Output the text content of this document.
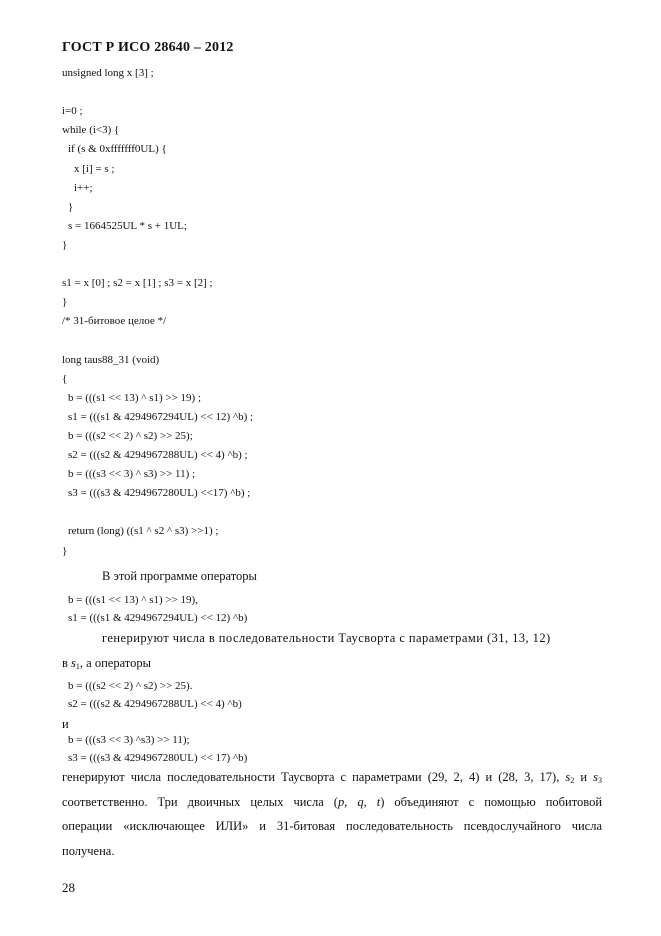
ГОСТ Р ИСО 28640 – 2012
unsigned long x [3] ;
i=0 ;
while (i<3) {
if (s & 0xfffffff0UL) {
x [i] = s ;
i++;
}
s = 1664525UL * s + 1UL;
}
s1 = x [0] ; s2 = x [1] ; s3 = x [2] ;
}
/* 31-битовое целое */
long taus88_31 (void)
{
b = (((s1 << 13) ^ s1) >> 19) ;
s1 = (((s1 & 4294967294UL) << 12) ^b) ;
b = (((s2 << 2) ^ s2) >> 25);
s2 = (((s2 & 4294967288UL) << 4) ^b) ;
b = (((s3 << 3) ^ s3) >> 11) ;
s3 = (((s3 & 4294967280UL) <<17) ^b) ;
return (long) ((s1 ^ s2 ^ s3) >>1) ;
}
В этой программе операторы
b = (((s1 << 13) ^ s1) >> 19),
s1 = (((s1 & 4294967294UL) << 12) ^b)
генерируют числа в последовательности Таусворта с параметрами (31, 13, 12)
в $s_1$, а операторы
b = (((s2 << 2) ^ s2) >> 25).
s2 = (((s2 & 4294967288UL) << 4) ^b)
и
b = (((s3 << 3) ^s3) >> 11);
s3 = (((s3 & 4294967280UL) << 17) ^b)
генерируют числа последовательности Таусворта с параметрами (29, 2, 4) и (28, 3, 17), $s_2$ и $s_3$
соответственно. Три двоичных целых числа (p, q, t) объединяют с помощью побитовой
операции «исключающее ИЛИ» и 31-битовая последовательность псевдослучайного числа
получена.
28
